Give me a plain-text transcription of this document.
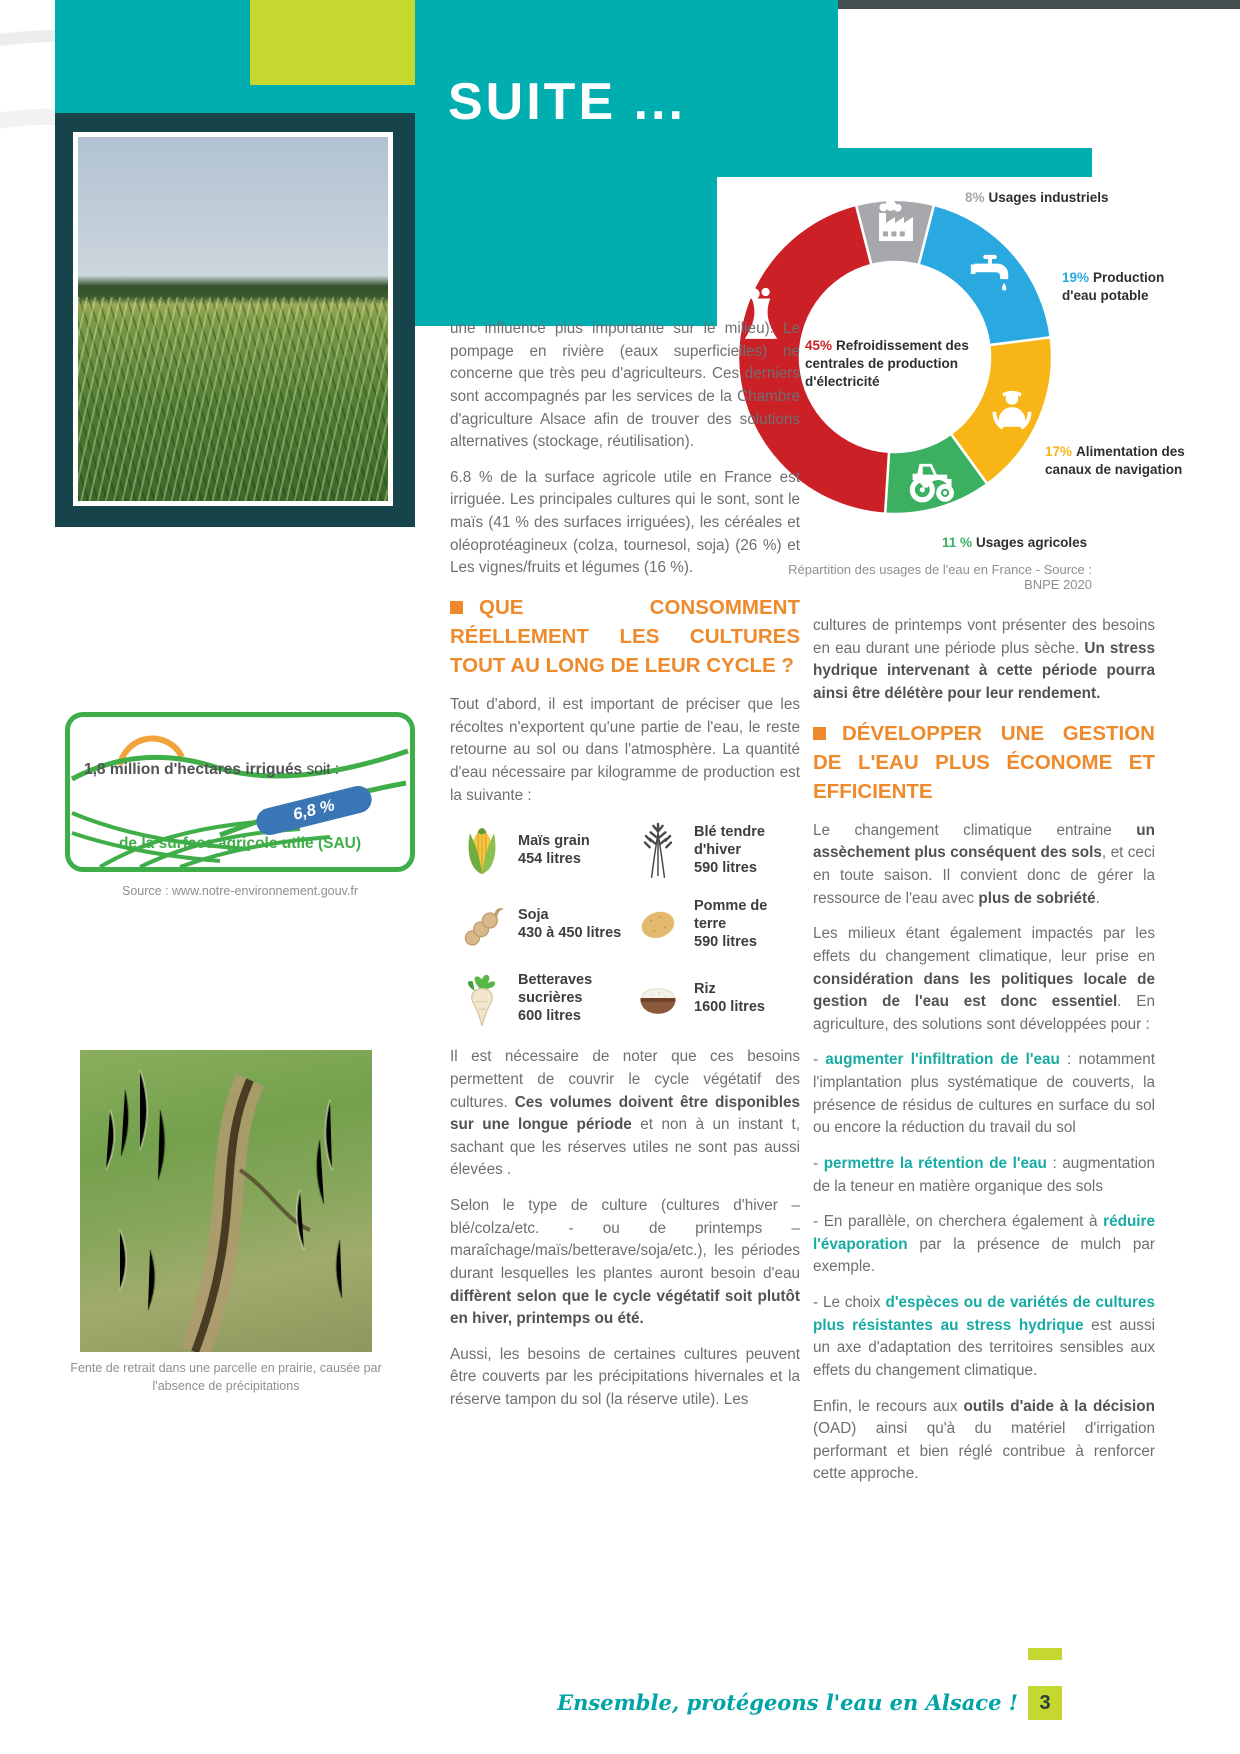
SUITE ...
8% Usages industriels
19% Production d'eau potable
45% Refroidissement des centrales de production d'électricité
17% Alimentation des canaux de navigation
11 % Usages agricoles
Répartition des usages de l'eau en France - Source : BNPE 2020

une influence plus importante sur le milieu). Le pompage en rivière (eaux superficielles) ne concerne que très peu d'agriculteurs. Ces derniers sont accompagnés par les services de la Chambre d'agriculture Alsace afin de trouver des solutions alternatives (stockage, réutilisation).

6.8 % de la surface agricole utile en France est irriguée. Les principales cultures qui le sont, sont le maïs (41 % des surfaces irriguées), les céréales et oléoprotéagineux (colza, tournesol, soja) (26 %) et Les vignes/fruits et légumes (16 %).

QUE CONSOMMENT RÉELLEMENT LES CULTURES TOUT AU LONG DE LEUR CYCLE ?

Tout d'abord, il est important de préciser que les récoltes n'exportent qu'une partie de l'eau, le reste retourne au sol ou dans l'atmosphère. La quantité d'eau nécessaire par kilogramme de production est la suivante :

Maïs grain
454 litres
Blé tendre d'hiver
590 litres
Soja
430 à 450 litres
Pomme de terre
590 litres
Betteraves sucrières
600 litres
Riz
1600 litres

Il est nécessaire de noter que ces besoins permettent de couvrir le cycle végétatif des cultures. Ces volumes doivent être disponibles sur une longue période et non à un instant t, sachant que les réserves utiles ne sont pas aussi élevées .

Selon le type de culture (cultures d'hiver – blé/colza/etc. - ou de printemps – maraîchage/maïs/betterave/soja/etc.), les périodes durant lesquelles les plantes auront besoin d'eau diffèrent selon que le cycle végétatif soit plutôt en hiver, printemps ou été.

Aussi, les besoins de certaines cultures peuvent être couverts par les précipitations hivernales et la réserve tampon du sol (la réserve utile). Les

cultures de printemps vont présenter des besoins en eau durant une période plus sèche. Un stress hydrique intervenant à cette période pourra ainsi être délétère pour leur rendement.

DÉVELOPPER UNE GESTION DE L'EAU PLUS ÉCONOME ET EFFICIENTE

Le changement climatique entraine un assèchement plus conséquent des sols, et ceci en toute saison. Il convient donc de gérer la ressource de l'eau avec plus de sobriété.

Les milieux étant également impactés par les effets du changement climatique, leur prise en considération dans les politiques locale de gestion de l'eau est donc essentiel. En agriculture, des solutions sont développées pour :

- augmenter l'infiltration de l'eau : notamment l'implantation plus systématique de couverts, la présence de résidus de cultures en surface du sol ou encore la réduction du travail du sol

- permettre la rétention de l'eau : augmentation de la teneur en matière organique des sols

- En parallèle, on cherchera également à réduire l'évaporation par la présence de mulch par exemple.

- Le choix d'espèces ou de variétés de cultures plus résistantes au stress hydrique est aussi un axe d'adaptation des territoires sensibles aux effets du changement climatique.

Enfin, le recours aux outils d'aide à la décision (OAD) ainsi qu'à du matériel d'irrigation performant et bien réglé contribue à renforcer cette approche.

1,8 million d'hectares irrigués soit :
6,8 %
de la surface agricole utile (SAU)
Source : www.notre-environnement.gouv.fr
Fente de retrait dans une parcelle en prairie, causée par l'absence de précipitations
Ensemble, protégeons l'eau en Alsace !	3
